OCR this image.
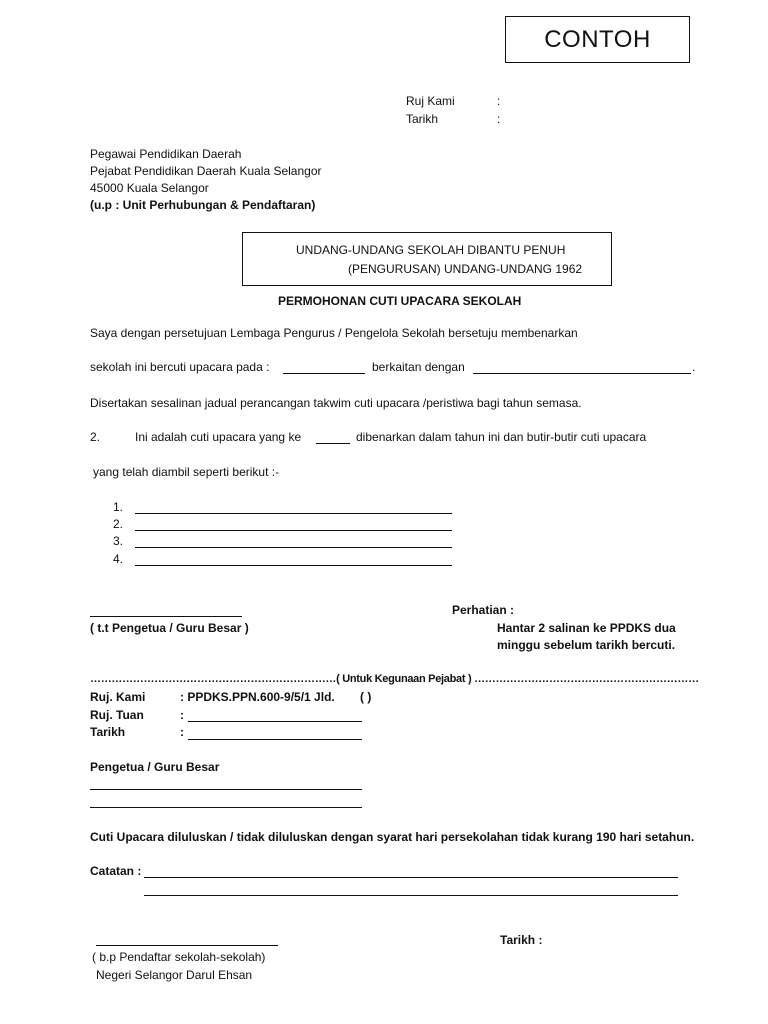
CONTOH
Ruj Kami	:
Tarikh	:
Pegawai Pendidikan Daerah
Pejabat Pendidikan Daerah Kuala Selangor
45000 Kuala Selangor
(u.p : Unit Perhubungan & Pendaftaran)
UNDANG-UNDANG SEKOLAH DIBANTU PENUH
(PENGURUSAN) UNDANG-UNDANG 1962
PERMOHONAN CUTI UPACARA SEKOLAH
Saya dengan persetujuan Lembaga Pengurus / Pengelola Sekolah bersetuju membenarkan
sekolah ini bercuti upacara pada :	berkaitan dengan	.
Disertakan sesalinan jadual perancangan takwim cuti upacara /peristiwa bagi tahun semasa.
2.	Ini adalah cuti upacara yang ke	dibenarkan dalam tahun ini dan butir-butir cuti upacara
yang telah diambil seperti berikut :-
1.
2.
3.
4.
( t.t Pengetua / Guru Besar )
Perhatian :
Hantar 2 salinan ke PPDKS dua
minggu sebelum tarikh bercuti.
……………………………………………………………( Untuk Kegunaan Pejabat ) ………………………………………………………
Ruj. Kami	: PPDKS.PPN.600-9/5/1 Jld. ( )
Ruj. Tuan	:
Tarikh	:
Pengetua / Guru Besar
Cuti Upacara diluluskan / tidak diluluskan dengan syarat hari persekolahan tidak kurang 190 hari setahun.
Catatan :
( b.p Pendaftar sekolah-sekolah)
Negeri Selangor Darul Ehsan
Tarikh :
